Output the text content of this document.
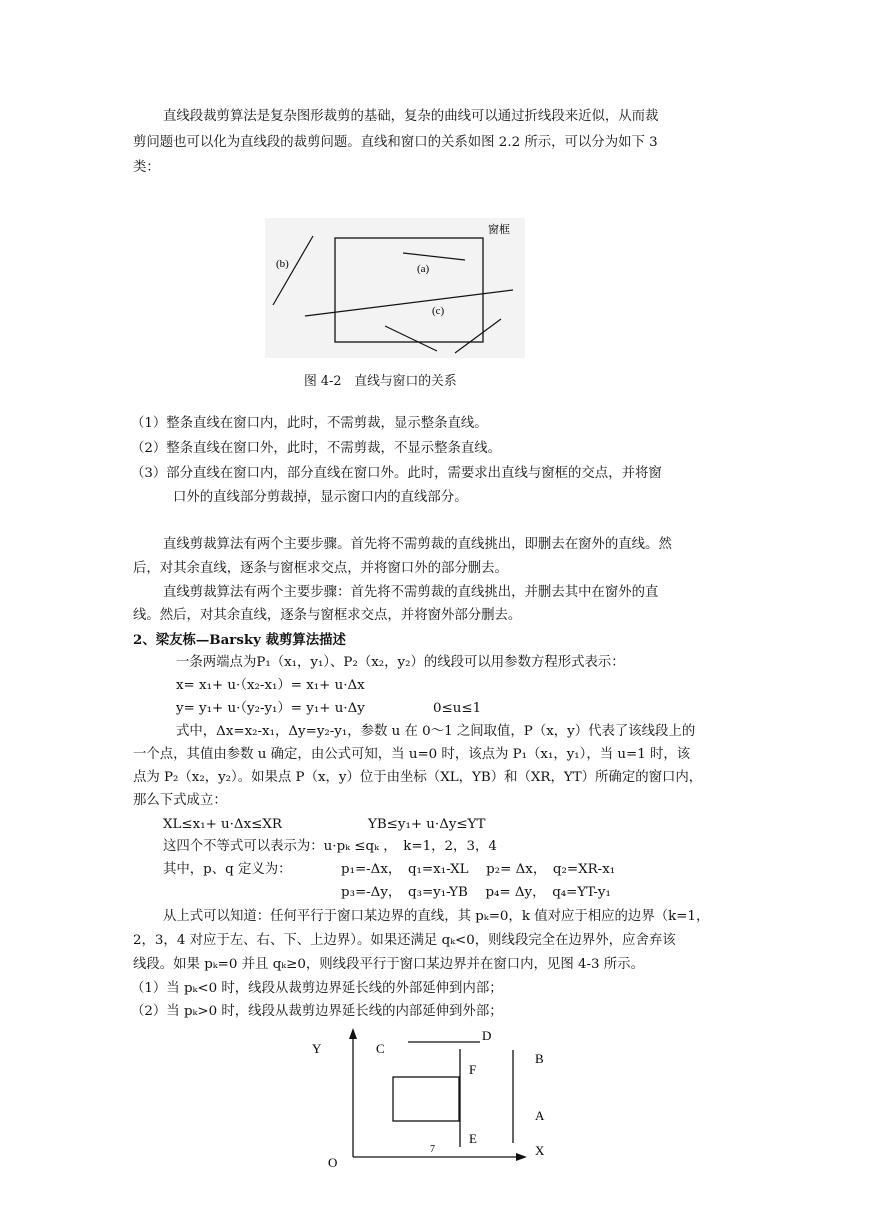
直线段裁剪算法是复杂图形裁剪的基础，复杂的曲线可以通过折线段来近似，从而裁
剪问题也可以化为直线段的裁剪问题。直线和窗口的关系如图 2.2 所示，可以分为如下 3
类：
窗框
(b)	(a)
(c)
图 4-2　直线与窗口的关系
（1）整条直线在窗口内，此时，不需剪裁，显示整条直线。
（2）整条直线在窗口外，此时，不需剪裁，不显示整条直线。
（3）部分直线在窗口内，部分直线在窗口外。此时，需要求出直线与窗框的交点，并将窗
口外的直线部分剪裁掉，显示窗口内的直线部分。
直线剪裁算法有两个主要步骤。首先将不需剪裁的直线挑出，即删去在窗外的直线。然
后，对其余直线，逐条与窗框求交点，并将窗口外的部分删去。
直线剪裁算法有两个主要步骤：首先将不需剪裁的直线挑出，并删去其中在窗外的直
线。然后，对其余直线，逐条与窗框求交点，并将窗外部分删去。
2、梁友栋—Barsky 裁剪算法描述
一条两端点为P₁（x₁，y₁）、P₂（x₂，y₂）的线段可以用参数方程形式表示：
x= x₁+ u·（x₂-x₁）= x₁+ u·Δx
y= y₁+ u·（y₂-y₁）= y₁+ u·Δy	0≤u≤1
式中，Δx=x₂-x₁，Δy=y₂-y₁，参数 u 在 0～1 之间取值，P（x，y）代表了该线段上的
一个点，其值由参数 u 确定，由公式可知，当 u=0 时，该点为 P₁（x₁，y₁），当 u=1 时，该
点为 P₂（x₂，y₂）。如果点 P（x，y）位于由坐标（XL，YB）和（XR，YT）所确定的窗口内，
那么下式成立：
XL≤x₁+ u·Δx≤XR	YB≤y₁+ u·Δy≤YT
这四个不等式可以表示为：u·pₖ ≤qₖ ，　k=1，2，3，4
其中，p、q 定义为：	p₁=-Δx，　q₁=x₁-XL　 p₂= Δx，　q₂=XR-x₁
p₃=-Δy，　q₃=y₁-YB　 p₄= Δy，　q₄=YT-y₁
从上式可以知道：任何平行于窗口某边界的直线，其 pₖ=0，k 值对应于相应的边界（k=1，
2，3，4 对应于左、右、下、上边界）。如果还满足 qₖ<0，则线段完全在边界外，应舍弃该
线段。如果 pₖ=0 并且 qₖ≥0，则线段平行于窗口某边界并在窗口内，见图 4-3 所示。
（1）当 pₖ<0 时，线段从裁剪边界延长线的外部延伸到内部；
（2）当 pₖ>0 时，线段从裁剪边界延长线的内部延伸到外部；
Y	C
D
B
F
A
E
X
O
7
